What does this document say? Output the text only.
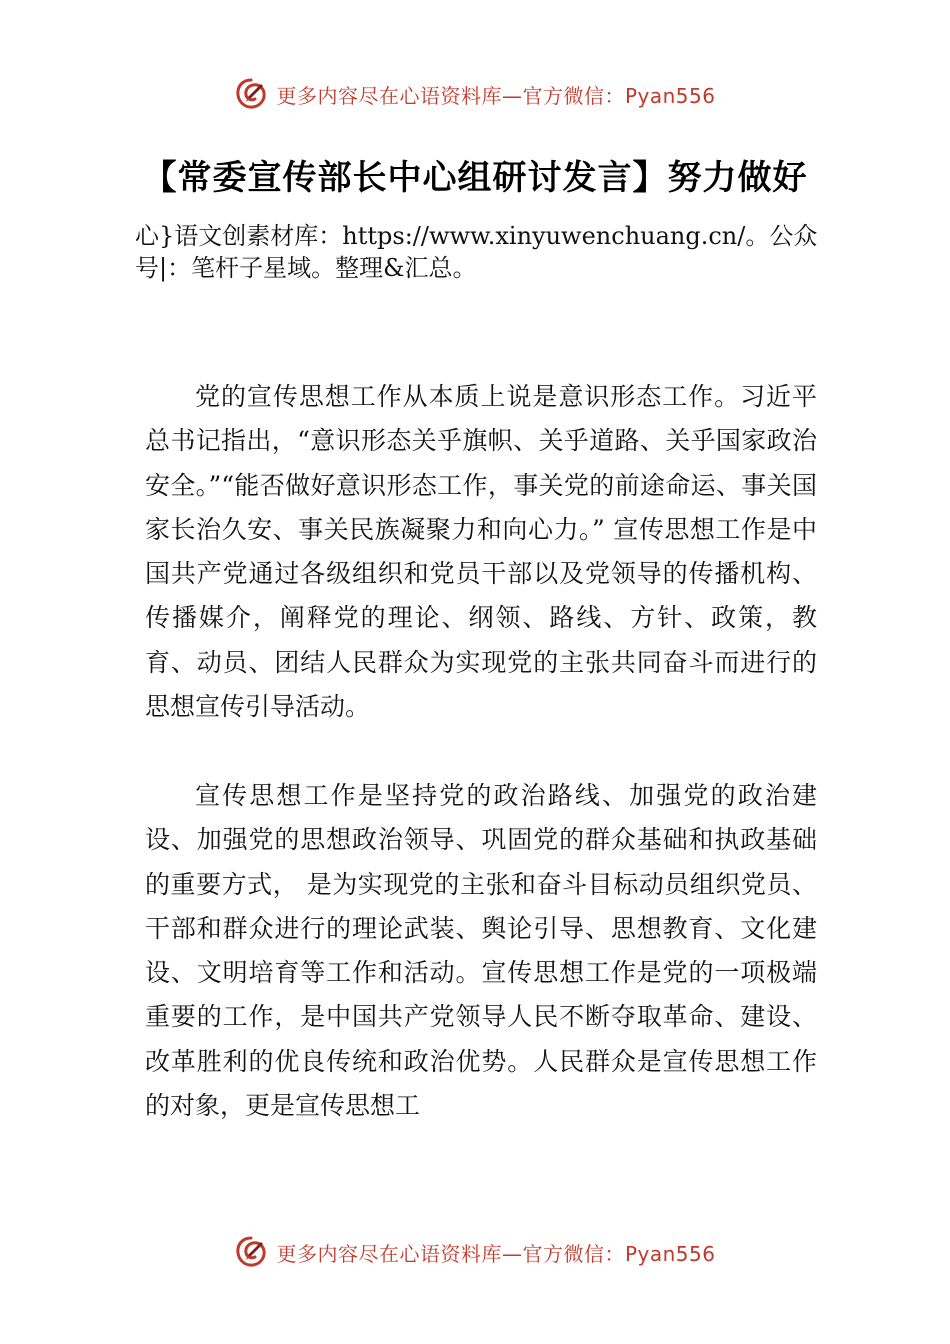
更多内容尽在心语资料库—官方微信：Pyan556
【常委宣传部长中心组研讨发言】努力做好
心}语文创素材库：https://www.xinyuwenchuang.cn/。公众号|：笔杆子星域。整理&汇总。

党的宣传思想工作从本质上说是意识形态工作。习近平总书记指出，“意识形态关乎旗帜、关乎道路、关乎国家政治安全。”“能否做好意识形态工作，事关党的前途命运、事关国家长治久安、事关民族凝聚力和向心力。” 宣传思想工作是中国共产党通过各级组织和党员干部以及党领导的传播机构、传播媒介，阐释党的理论、纲领、路线、方针、政策，教育、动员、团结人民群众为实现党的主张共同奋斗而进行的思想宣传引导活动。

宣传思想工作是坚持党的政治路线、加强党的政治建设、加强党的思想政治领导、巩固党的群众基础和执政基础的重要方式， 是为实现党的主张和奋斗目标动员组织党员、干部和群众进行的理论武装、舆论引导、思想教育、文化建设、文明培育等工作和活动。宣传思想工作是党的一项极端重要的工作，是中国共产党领导人民不断夺取革命、建设、改革胜利的优良传统和政治优势。人民群众是宣传思想工作的对象，更是宣传思想工

更多内容尽在心语资料库—官方微信：Pyan556
